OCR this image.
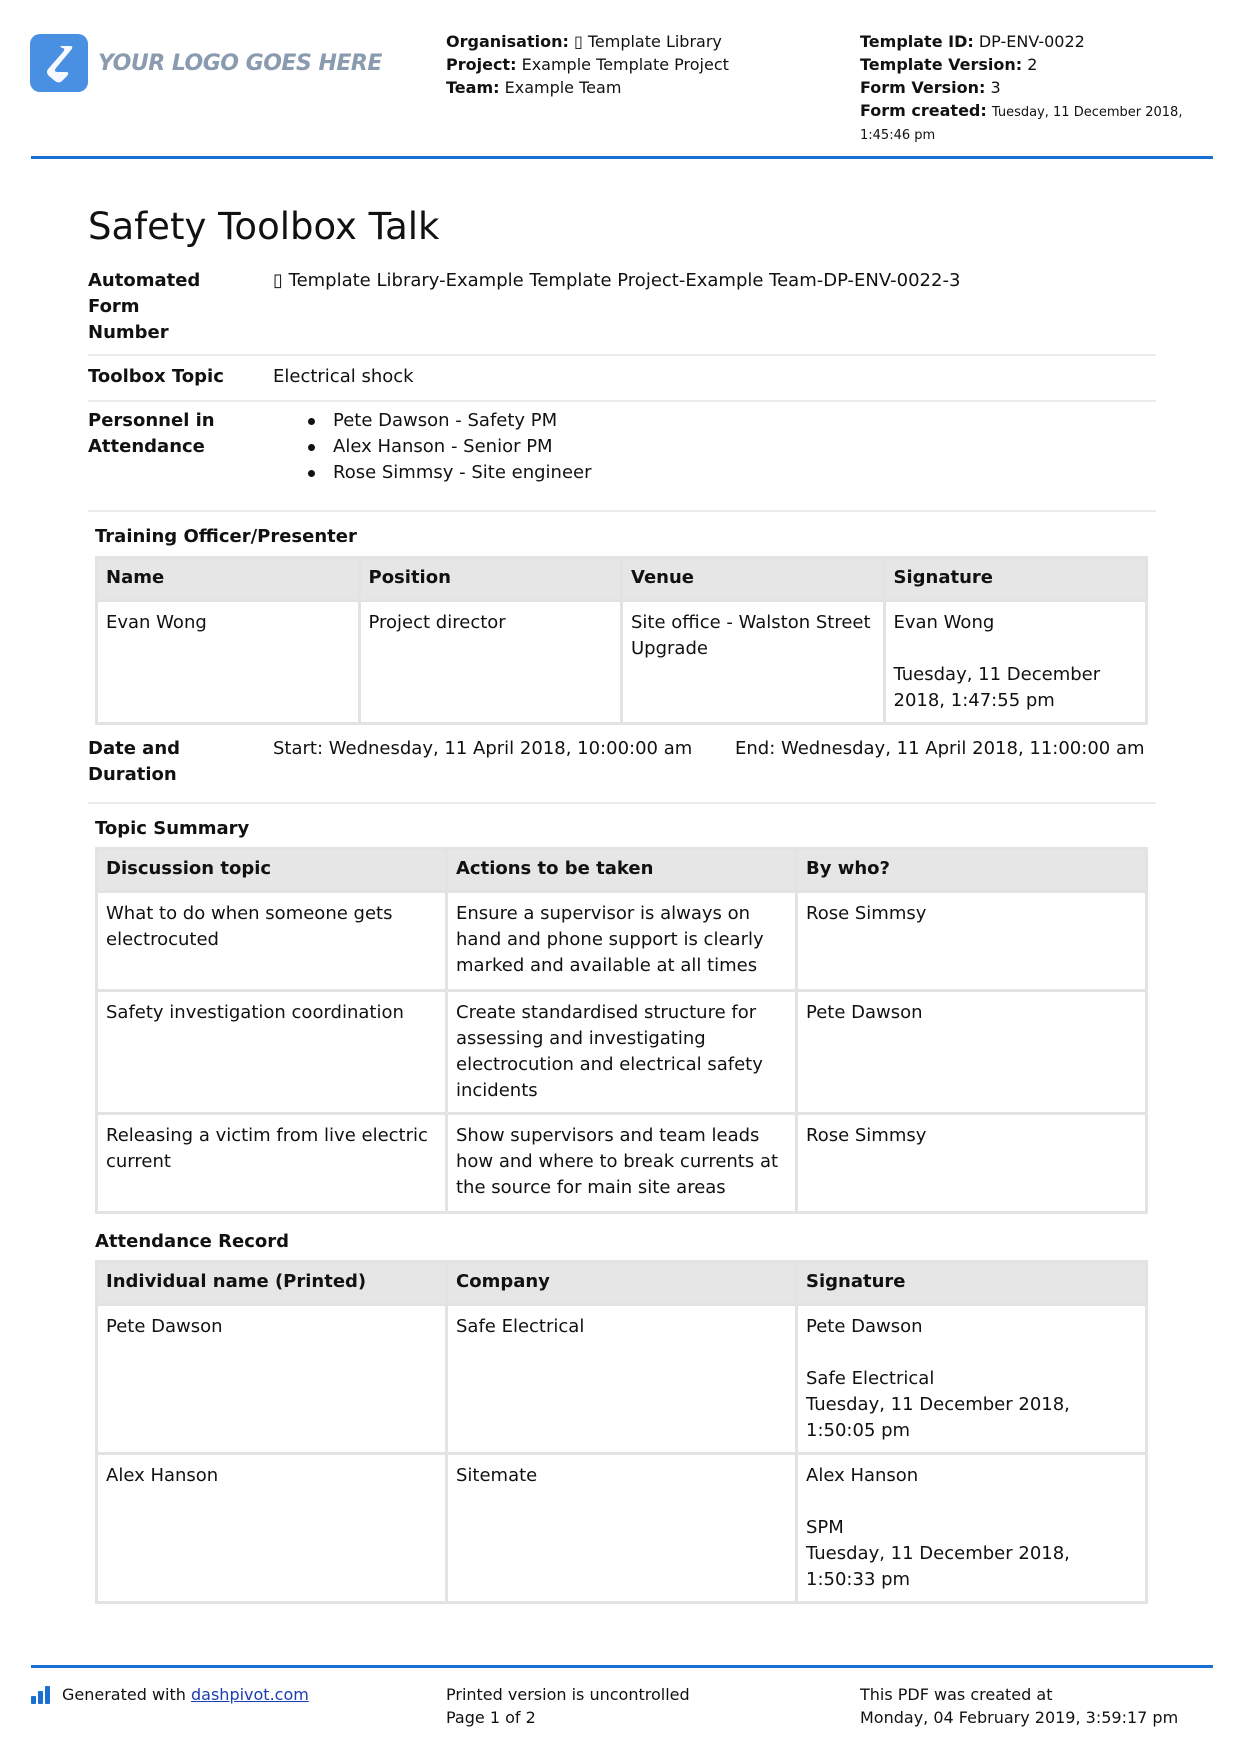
YOUR LOGO GOES HERE
Organisation: ▯ Template Library
Project: Example Template Project
Team: Example Team
Template ID: DP-ENV-0022
Template Version: 2
Form Version: 3
Form created: Tuesday, 11 December 2018,
1:45:46 pm
Safety Toolbox Talk
Automated Form Number
▯ Template Library-Example Template Project-Example Team-DP-ENV-0022-3
Toolbox Topic	Electrical shock
Personnel in Attendance
Pete Dawson - Safety PM
Alex Hanson - Senior PM
Rose Simmsy - Site engineer
Training Officer/Presenter
Name	Position	Venue	Signature
Evan Wong	Project director	Site office - Walston Street Upgrade	Evan Wong
Tuesday, 11 December 2018, 1:47:55 pm
Date and Duration
Start: Wednesday, 11 April 2018, 10:00:00 am End: Wednesday, 11 April 2018, 11:00:00 am
Topic Summary
Discussion topic	Actions to be taken	By who?
What to do when someone gets electrocuted	Ensure a supervisor is always on hand and phone support is clearly marked and available at all times	Rose Simmsy
Safety investigation coordination	Create standardised structure for assessing and investigating electrocution and electrical safety incidents	Pete Dawson
Releasing a victim from live electric current	Show supervisors and team leads how and where to break currents at the source for main site areas	Rose Simmsy
Attendance Record
Individual name (Printed)	Company	Signature
Pete Dawson	Safe Electrical	Pete Dawson
Safe Electrical
Tuesday, 11 December 2018, 1:50:05 pm

Alex Hanson	Sitemate	Alex Hanson
SPM
Tuesday, 11 December 2018, 1:50:33 pm
Generated with dashpivot.com	Printed version is uncontrolled
Page 1 of 2
This PDF was created at
Monday, 04 February 2019, 3:59:17 pm
